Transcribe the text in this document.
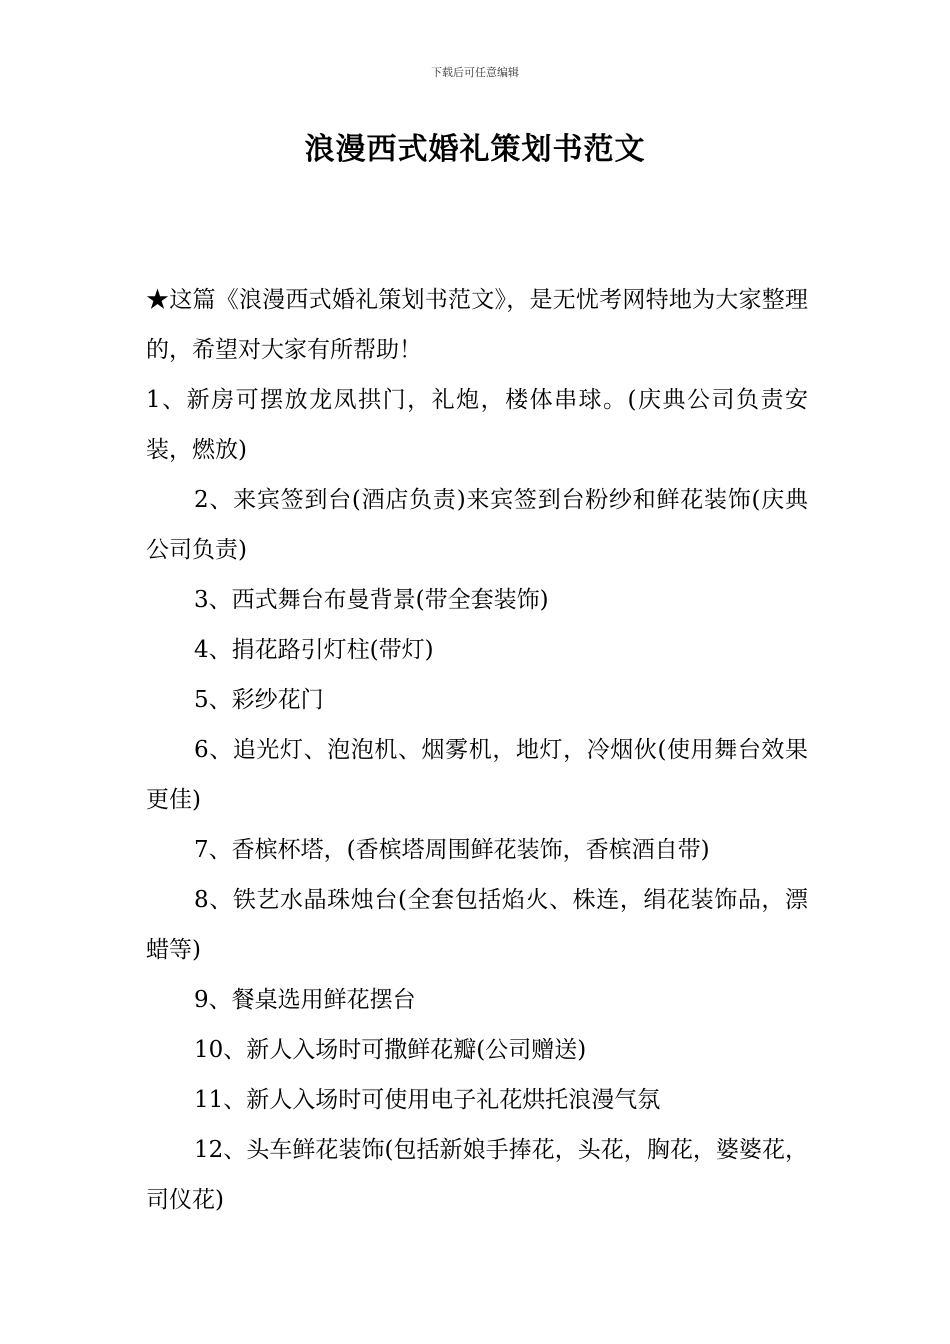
下载后可任意编辑
浪漫西式婚礼策划书范文

★这篇《浪漫西式婚礼策划书范文》，是无忧考网特地为大家整理的，希望对大家有所帮助！

1、新房可摆放龙凤拱门，礼炮，楼体串球。(庆典公司负责安装，燃放)

2、来宾签到台(酒店负责)来宾签到台粉纱和鲜花装饰(庆典公司负责)

3、西式舞台布曼背景(带全套装饰)

4、捐花路引灯柱(带灯)

5、彩纱花门

6、追光灯、泡泡机、烟雾机，地灯，冷烟伙(使用舞台效果更佳)

7、香槟杯塔，(香槟塔周围鲜花装饰，香槟酒自带)

8、铁艺水晶珠烛台(全套包括焰火、株连，绢花装饰品，漂蜡等)

9、餐桌选用鲜花摆台

10、新人入场时可撒鲜花瓣(公司赠送)

11、新人入场时可使用电子礼花烘托浪漫气氛

12、头车鲜花装饰(包括新娘手捧花，头花，胸花，婆婆花，司仪花)
